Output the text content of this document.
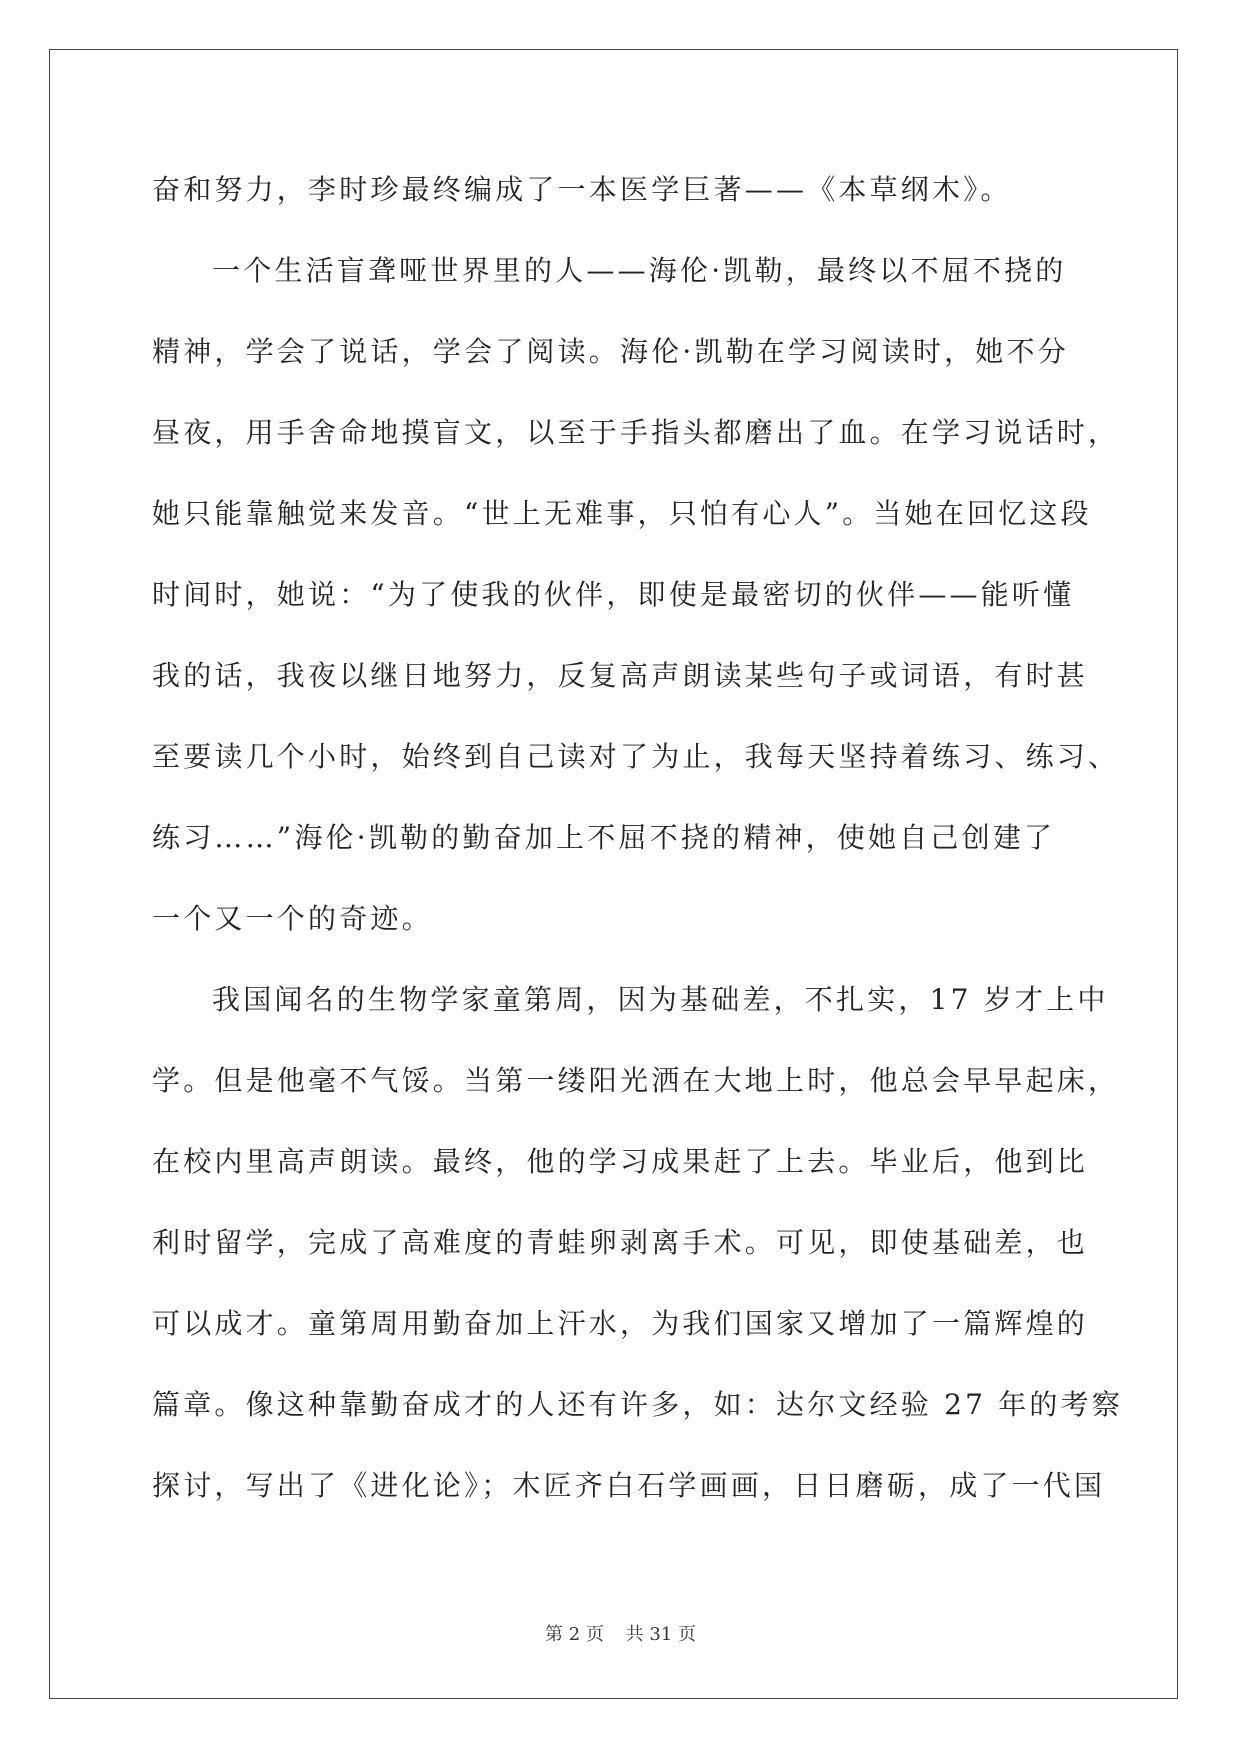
奋和努力，李时珍最终编成了一本医学巨著——《本草纲木》。
一个生活盲聋哑世界里的人——海伦·凯勒，最终以不屈不挠的
精神，学会了说话，学会了阅读。海伦·凯勒在学习阅读时，她不分
昼夜，用手舍命地摸盲文，以至于手指头都磨出了血。在学习说话时，
她只能靠触觉来发音。“世上无难事，只怕有心人”。当她在回忆这段
时间时，她说：“为了使我的伙伴，即使是最密切的伙伴——能听懂
我的话，我夜以继日地努力，反复高声朗读某些句子或词语，有时甚
至要读几个小时，始终到自己读对了为止，我每天坚持着练习、练习、
练习……”海伦·凯勒的勤奋加上不屈不挠的精神，使她自己创建了
一个又一个的奇迹。
我国闻名的生物学家童第周，因为基础差，不扎实，17 岁才上中
学。但是他毫不气馁。当第一缕阳光洒在大地上时，他总会早早起床，
在校内里高声朗读。最终，他的学习成果赶了上去。毕业后，他到比
利时留学，完成了高难度的青蛙卵剥离手术。可见，即使基础差，也
可以成才。童第周用勤奋加上汗水，为我们国家又增加了一篇辉煌的
篇章。像这种靠勤奋成才的人还有许多，如：达尔文经验 27 年的考察
探讨，写出了《进化论》；木匠齐白石学画画，日日磨砺，成了一代国
第 2 页 共 31 页
